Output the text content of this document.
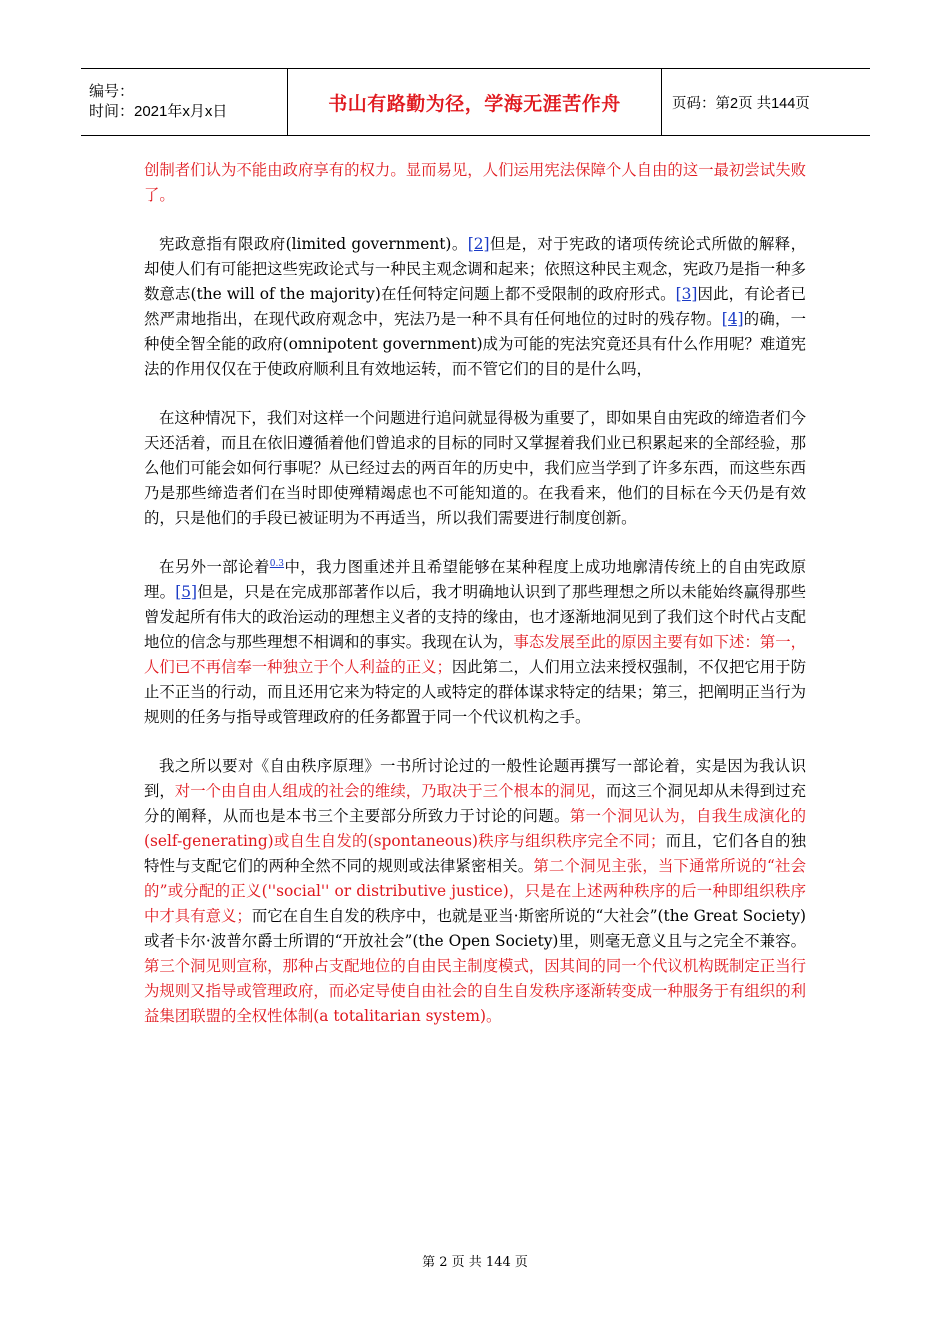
编号：
时间：2021年x月x日	书山有路勤为径，学海无涯苦作舟	页码：第2页 共144页

创制者们认为不能由政府享有的权力。显而易见，人们运用宪法保障个人自由的这一最初尝试失败了。

宪政意指有限政府(limited government)。[2]但是，对于宪政的诸项传统论式所做的解释，却使人们有可能把这些宪政论式与一种民主观念调和起来；依照这种民主观念，宪政乃是指一种多数意志(the will of the majority)在任何特定问题上都不受限制的政府形式。[3]因此，有论者已然严肃地指出，在现代政府观念中，宪法乃是一种不具有任何地位的过时的残存物。[4]的确，一种使全智全能的政府(omnipotent government)成为可能的宪法究竟还具有什么作用呢？难道宪法的作用仅仅在于使政府顺利且有效地运转，而不管它们的目的是什么吗，

在这种情况下，我们对这样一个问题进行追问就显得极为重要了，即如果自由宪政的缔造者们今天还活着，而且在依旧遵循着他们曾追求的目标的同时又掌握着我们业已积累起来的全部经验，那么他们可能会如何行事呢？从已经过去的两百年的历史中，我们应当学到了许多东西，而这些东西乃是那些缔造者们在当时即使殚精竭虑也不可能知道的。在我看来，他们的目标在今天仍是有效的，只是他们的手段已被证明为不再适当，所以我们需要进行制度创新。

在另外一部论着$^{0.3}$中，我力图重述并且希望能够在某种程度上成功地廓清传统上的自由宪政原理。[5]但是，只是在完成那部著作以后，我才明确地认识到了那些理想之所以未能始终赢得那些曾发起所有伟大的政治运动的理想主义者的支持的缘由，也才逐渐地洞见到了我们这个时代占支配地位的信念与那些理想不相调和的事实。我现在认为，事态发展至此的原因主要有如下述：第一，人们已不再信奉一种独立于个人利益的正义；因此第二，人们用立法来授权强制，不仅把它用于防止不正当的行动，而且还用它来为特定的人或特定的群体谋求特定的结果；第三，把阐明正当行为规则的任务与指导或管理政府的任务都置于同一个代议机构之手。

我之所以要对《自由秩序原理》一书所讨论过的一般性论题再撰写一部论着，实是因为我认识到，对一个由自由人组成的社会的维续，乃取决于三个根本的洞见，而这三个洞见却从未得到过充分的阐释，从而也是本书三个主要部分所致力于讨论的问题。第一个洞见认为，自我生成演化的(self-generating)或自生自发的(spontaneous)秩序与组织秩序完全不同；而且，它们各自的独特性与支配它们的两种全然不同的规则或法律紧密相关。第二个洞见主张，当下通常所说的“社会的”或分配的正义(''social'' or distributive justice)，只是在上述两种秩序的后一种即组织秩序中才具有意义；而它在自生自发的秩序中，也就是亚当·斯密所说的“大社会”(the Great Society)或者卡尔·波普尔爵士所谓的“开放社会”(the Open Society)里，则毫无意义且与之完全不兼容。第三个洞见则宣称，那种占支配地位的自由民主制度模式，因其间的同一个代议机构既制定正当行为规则又指导或管理政府，而必定导使自由社会的自生自发秩序逐渐转变成一种服务于有组织的利益集团联盟的全权性体制(a totalitarian system)。

第 2 页 共 144 页
